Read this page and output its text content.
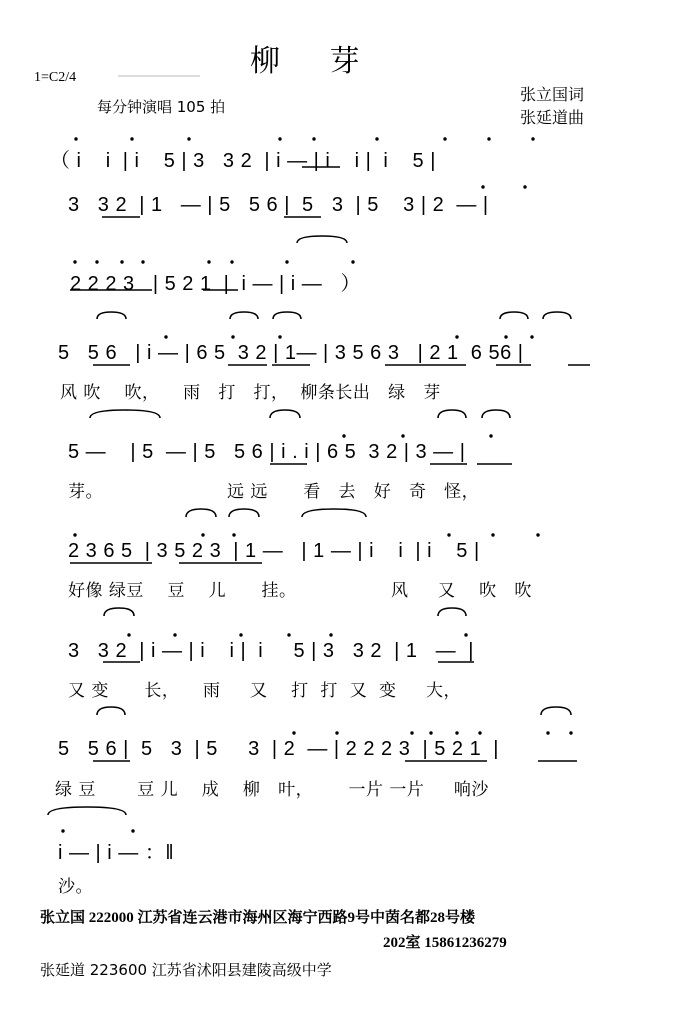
柳 芽
1=C2/4
每分钟演唱 105 拍
张立国词
张延道曲
（ i    i  | i    5 | 3   3 2  | i — | i    i |  i    5 |
3   3 2  | 1   — | 5   5 6 |  5   3  | 5    3 | 2  — |
2 2 2 3   | 5 2 1  |  i — | i —   ）
5   5 6   | i — | 6 5  3 2 | 1— | 3 5 6 3   | 2 1  6 56 |
风 吹    吹，    雨   打   打，  柳条长出   绿   芽
5 —    | 5  — | 5   5 6 | i . i | 6 5  3 2 | 3 — |
芽。                     远 远      看   去   好   奇   怪，
2 3 6 5  | 3 5 2 3  | 1 —   | 1 — | i    i  | i    5 |
好像 绿豆    豆    儿      挂。                风     又    吹   吹
3   3 2  | i — | i    i |  i     5 | 3   3 2  | 1   —  |
又 变      长，    雨     又    打  打  又  变     大，
5   5 6 |  5   3  | 5     3  | 2  — | 2 2 2 3  | 5 2 1  |
绿 豆       豆 儿    成    柳   叶，      一片 一片     响沙
i — | i — ：‖
沙。
张立国 222000 江苏省连云港市海州区海宁西路9号中茵名都28号楼
202室 15861236279
张延道 223600 江苏省沭阳县建陵高级中学
